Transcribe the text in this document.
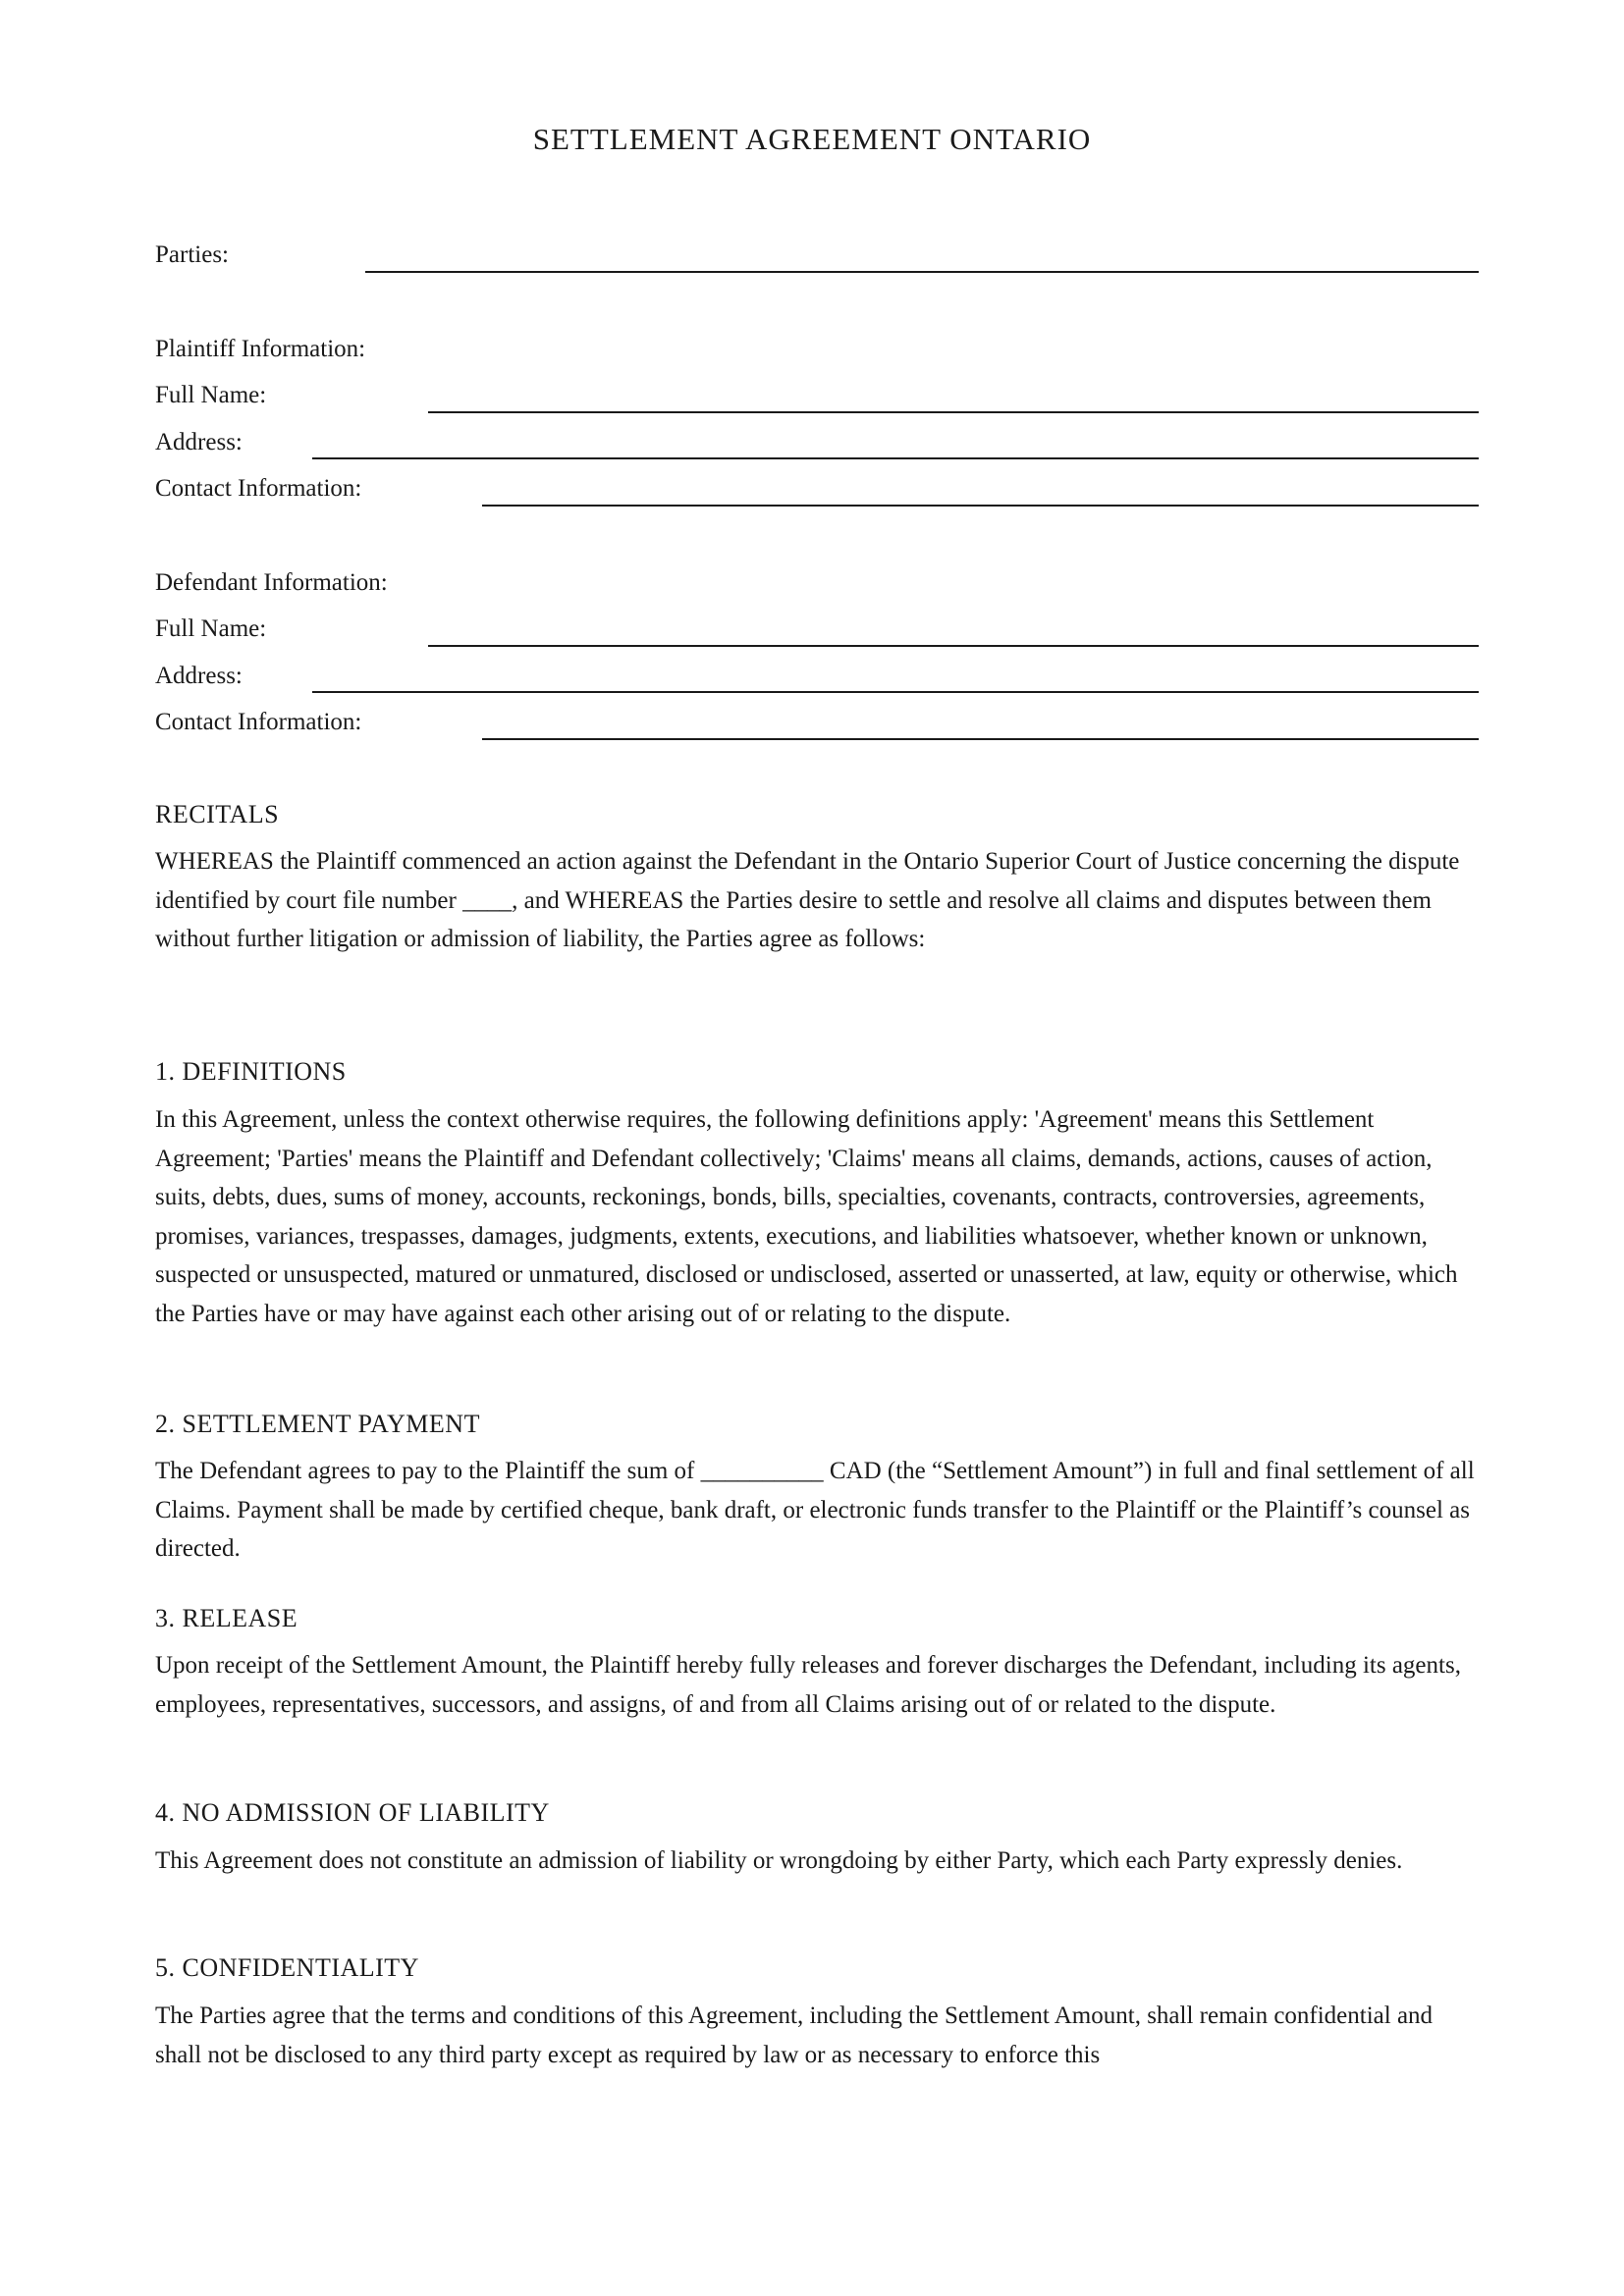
SETTLEMENT AGREEMENT ONTARIO
Parties:
Plaintiff Information:
Full Name:
Address:
Contact Information:
Defendant Information:
Full Name:
Address:
Contact Information:
RECITALS
WHEREAS the Plaintiff commenced an action against the Defendant in the Ontario Superior Court of Justice concerning the dispute identified by court file number ____, and WHEREAS the Parties desire to settle and resolve all claims and disputes between them without further litigation or admission of liability, the Parties agree as follows:
1. DEFINITIONS
In this Agreement, unless the context otherwise requires, the following definitions apply: 'Agreement' means this Settlement Agreement; 'Parties' means the Plaintiff and Defendant collectively; 'Claims' means all claims, demands, actions, causes of action, suits, debts, dues, sums of money, accounts, reckonings, bonds, bills, specialties, covenants, contracts, controversies, agreements, promises, variances, trespasses, damages, judgments, extents, executions, and liabilities whatsoever, whether known or unknown, suspected or unsuspected, matured or unmatured, disclosed or undisclosed, asserted or unasserted, at law, equity or otherwise, which the Parties have or may have against each other arising out of or relating to the dispute.
2. SETTLEMENT PAYMENT
The Defendant agrees to pay to the Plaintiff the sum of __________ CAD (the “Settlement Amount”) in full and final settlement of all Claims. Payment shall be made by certified cheque, bank draft, or electronic funds transfer to the Plaintiff or the Plaintiff’s counsel as directed.
3. RELEASE
Upon receipt of the Settlement Amount, the Plaintiff hereby fully releases and forever discharges the Defendant, including its agents, employees, representatives, successors, and assigns, of and from all Claims arising out of or related to the dispute.
4. NO ADMISSION OF LIABILITY
This Agreement does not constitute an admission of liability or wrongdoing by either Party, which each Party expressly denies.
5. CONFIDENTIALITY
The Parties agree that the terms and conditions of this Agreement, including the Settlement Amount, shall remain confidential and shall not be disclosed to any third party except as required by law or as necessary to enforce this
